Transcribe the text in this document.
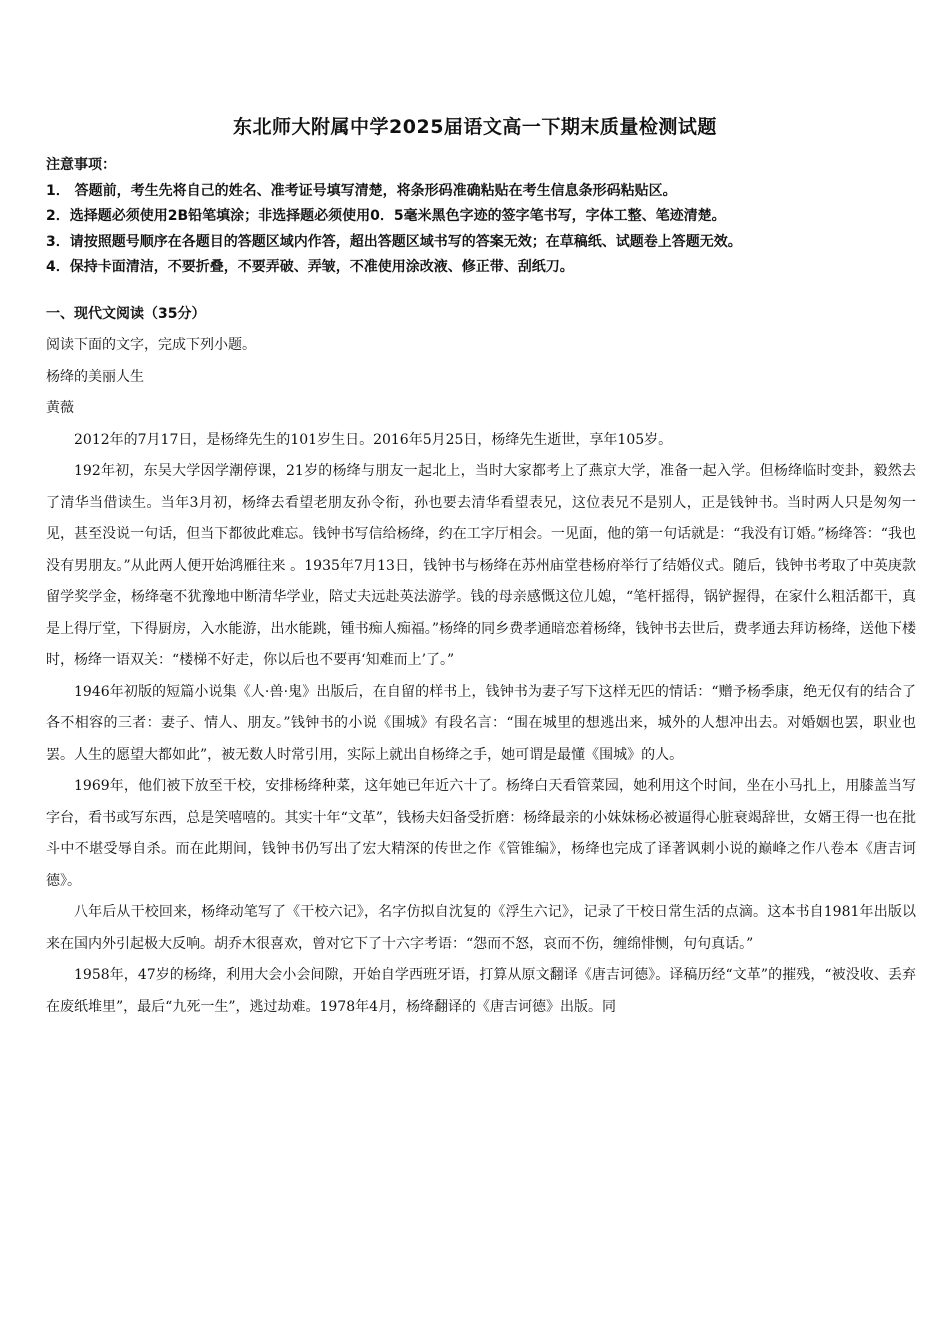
东北师大附属中学2025届语文高一下期末质量检测试题
注意事项：
1． 答题前，考生先将自己的姓名、准考证号填写清楚，将条形码准确粘贴在考生信息条形码粘贴区。
2．选择题必须使用2B铅笔填涂；非选择题必须使用0．5毫米黑色字迹的签字笔书写，字体工整、笔迹清楚。
3．请按照题号顺序在各题目的答题区域内作答，超出答题区域书写的答案无效；在草稿纸、试题卷上答题无效。
4．保持卡面清洁，不要折叠，不要弄破、弄皱，不准使用涂改液、修正带、刮纸刀。
一、现代文阅读（35分）
阅读下面的文字，完成下列小题。
杨绛的美丽人生
黄薇

2012年的7月17日，是杨绛先生的101岁生日。2016年5月25日，杨绛先生逝世，享年105岁。

192年初，东吴大学因学潮停课，21岁的杨绛与朋友一起北上，当时大家都考上了燕京大学，准备一起入学。但杨绛临时变卦，毅然去了清华当借读生。当年3月初，杨绛去看望老朋友孙令衔，孙也要去清华看望表兄，这位表兄不是别人，正是钱钟书。当时两人只是匆匆一见，甚至没说一句话，但当下都彼此难忘。钱钟书写信给杨绛，约在工字厅相会。一见面，他的第一句话就是：“我没有订婚。”杨绛答：“我也没有男朋友。”从此两人便开始鸿雁往来 。1935年7月13日，钱钟书与杨绛在苏州庙堂巷杨府举行了结婚仪式。随后，钱钟书考取了中英庚款留学奖学金，杨绛毫不犹豫地中断清华学业，陪丈夫远赴英法游学。钱的母亲感慨这位儿媳，“笔杆摇得，锅铲握得，在家什么粗活都干，真是上得厅堂，下得厨房，入水能游，出水能跳，锺书痴人痴福。”杨绛的同乡费孝通暗恋着杨绛，钱钟书去世后，费孝通去拜访杨绛，送他下楼时，杨绛一语双关：“楼梯不好走，你以后也不要再‘知难而上’了。”

1946年初版的短篇小说集《人·兽·鬼》出版后，在自留的样书上，钱钟书为妻子写下这样无匹的情话：“赠予杨季康，绝无仅有的结合了各不相容的三者：妻子、情人、朋友。”钱钟书的小说《围城》有段名言：“围在城里的想逃出来，城外的人想冲出去。对婚姻也罢，职业也罢。人生的愿望大都如此”，被无数人时常引用，实际上就出自杨绛之手，她可谓是最懂《围城》的人。

1969年，他们被下放至干校，安排杨绛种菜，这年她已年近六十了。杨绛白天看管菜园，她利用这个时间，坐在小马扎上，用膝盖当写字台，看书或写东西，总是笑嘻嘻的。其实十年“文革”，钱杨夫妇备受折磨：杨绛最亲的小妹妹杨必被逼得心脏衰竭辞世，女婿王得一也在批斗中不堪受辱自杀。而在此期间，钱钟书仍写出了宏大精深的传世之作《管锥编》，杨绛也完成了译著讽刺小说的巅峰之作八卷本《唐吉诃德》。

八年后从干校回来，杨绛动笔写了《干校六记》，名字仿拟自沈复的《浮生六记》，记录了干校日常生活的点滴。这本书自1981年出版以来在国内外引起极大反响。胡乔木很喜欢，曾对它下了十六字考语：“怨而不怒，哀而不伤，缠绵悱恻，句句真话。”

1958年，47岁的杨绛，利用大会小会间隙，开始自学西班牙语，打算从原文翻译《唐吉诃德》。译稿历经“文革”的摧残，“被没收、丢弃在废纸堆里”，最后“九死一生”，逃过劫难。1978年4月，杨绛翻译的《唐吉诃德》出版。同
